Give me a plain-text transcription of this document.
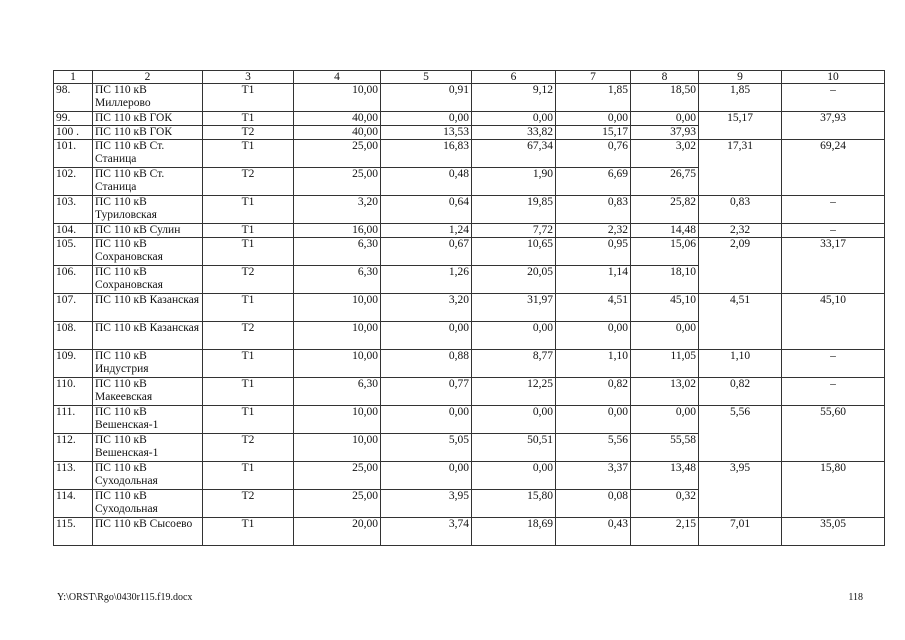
1	2	3	4	5	6	7	8	9	10
98.	ПС 110 кВ Миллерово	Т1	10,00	0,91	9,12	1,85	18,50	1,85	–
99.	ПС 110 кВ ГОК	Т1	40,00	0,00	0,00	0,00	0,00	15,17	37,93
100 .	ПС 110 кВ ГОК	Т2	40,00	13,53	33,82	15,17	37,93		
101.	ПС 110 кВ Ст. Станица	Т1	25,00	16,83	67,34	0,76	3,02	17,31	69,24
102.	ПС 110 кВ Ст. Станица	Т2	25,00	0,48	1,90	6,69	26,75		
103.	ПС 110 кВ Туриловская	Т1	3,20	0,64	19,85	0,83	25,82	0,83	–
104.	ПС 110 кВ Сулин	Т1	16,00	1,24	7,72	2,32	14,48	2,32	–
105.	ПС 110 кВ Сохрановская	Т1	6,30	0,67	10,65	0,95	15,06	2,09	33,17
106.	ПС 110 кВ Сохрановская	Т2	6,30	1,26	20,05	1,14	18,10		
107.	ПС 110 кВ Казанская	Т1	10,00	3,20	31,97	4,51	45,10	4,51	45,10
108.	ПС 110 кВ Казанская	Т2	10,00	0,00	0,00	0,00	0,00		
109.	ПС 110 кВ Индустрия	Т1	10,00	0,88	8,77	1,10	11,05	1,10	–
110.	ПС 110 кВ Макеевская	Т1	6,30	0,77	12,25	0,82	13,02	0,82	–
111.	ПС 110 кВ Вешенская-1	Т1	10,00	0,00	0,00	0,00	0,00	5,56	55,60
112.	ПС 110 кВ Вешенская-1	Т2	10,00	5,05	50,51	5,56	55,58		
113.	ПС 110 кВ Суходольная	Т1	25,00	0,00	0,00	3,37	13,48	3,95	15,80
114.	ПС 110 кВ Суходольная	Т2	25,00	3,95	15,80	0,08	0,32		
115.	ПС 110 кВ Сысоево	Т1	20,00	3,74	18,69	0,43	2,15	7,01	35,05
Y:\ORST\Rgo\0430r115.f19.docx	118
